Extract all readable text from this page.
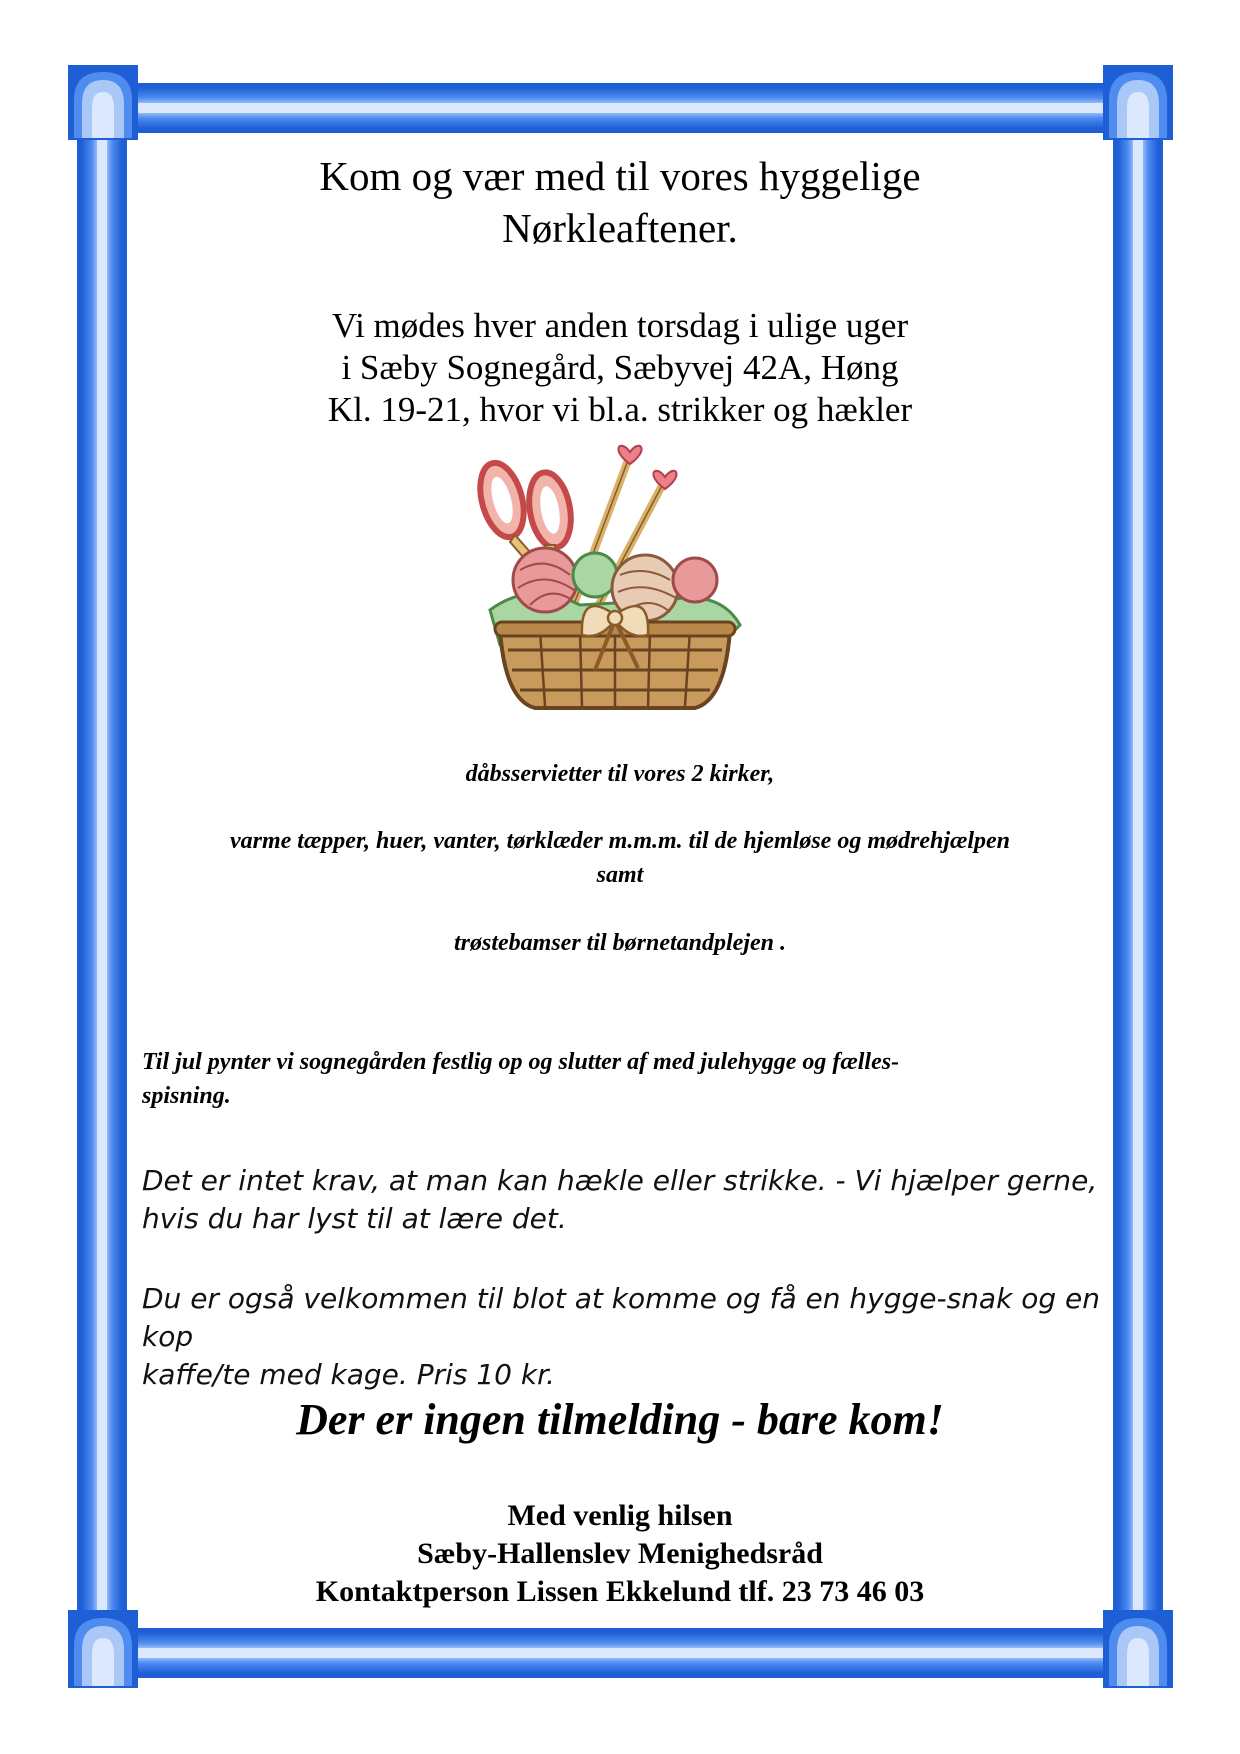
Kom og vær med til vores hyggelige
Nørkleaftener.
Vi mødes hver anden torsdag i ulige uger
i Sæby Sognegård, Sæbyvej 42A, Høng
Kl. 19-21, hvor vi bl.a. strikker og hækler
dåbsservietter til vores 2 kirker,
varme tæpper, huer, vanter, tørklæder m.m.m. til de hjemløse og mødrehjælpen
samt
trøstebamser til børnetandplejen .
Til jul pynter vi sognegården festlig op og slutter af med julehygge og fælles-
spisning.
Det er intet krav, at man kan hækle eller strikke. - Vi hjælper gerne,
hvis du har lyst til at lære det.
Du er også velkommen til blot at komme og få en hygge-snak og en kop
kaffe/te med kage. Pris 10 kr.
Der er ingen tilmelding - bare kom!
Med venlig hilsen
Sæby-Hallenslev Menighedsråd
Kontaktperson Lissen Ekkelund tlf. 23 73 46 03
